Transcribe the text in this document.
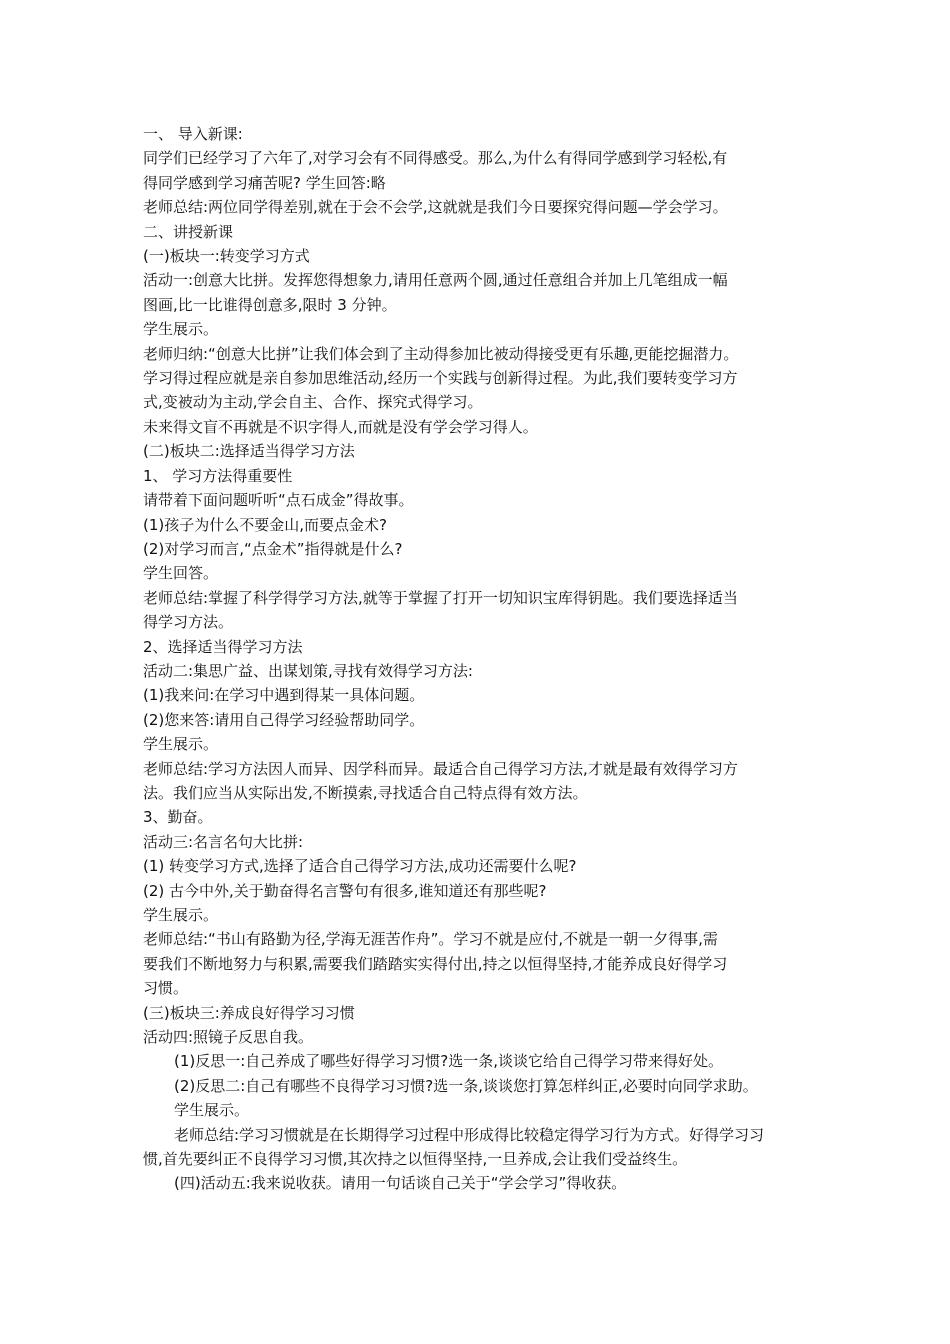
一、 导入新课:
同学们已经学习了六年了,对学习会有不同得感受。那么,为什么有得同学感到学习轻松,有
得同学感到学习痛苦呢? 学生回答:略
老师总结:两位同学得差别,就在于会不会学,这就就是我们今日要探究得问题—学会学习。
二、讲授新课
(一)板块一:转变学习方式
活动一:创意大比拼。发挥您得想象力,请用任意两个圆,通过任意组合并加上几笔组成一幅
图画,比一比谁得创意多,限时 3 分钟。
学生展示。
老师归纳:“创意大比拼”让我们体会到了主动得参加比被动得接受更有乐趣,更能挖掘潜力。
学习得过程应就是亲自参加思维活动,经历一个实践与创新得过程。为此,我们要转变学习方
式,变被动为主动,学会自主、合作、探究式得学习。
未来得文盲不再就是不识字得人,而就是没有学会学习得人。
(二)板块二:选择适当得学习方法
1、 学习方法得重要性
请带着下面问题听听“点石成金”得故事。
(1)孩子为什么不要金山,而要点金术?
(2)对学习而言,“点金术”指得就是什么?
学生回答。
老师总结:掌握了科学得学习方法,就等于掌握了打开一切知识宝库得钥匙。我们要选择适当
得学习方法。
2、选择适当得学习方法
活动二:集思广益、出谋划策,寻找有效得学习方法:
(1)我来问:在学习中遇到得某一具体问题。
(2)您来答:请用自己得学习经验帮助同学。
学生展示。
老师总结:学习方法因人而异、因学科而异。最适合自己得学习方法,才就是最有效得学习方
法。我们应当从实际出发,不断摸索,寻找适合自己特点得有效方法。
3、勤奋。
活动三:名言名句大比拼:
(1) 转变学习方式,选择了适合自己得学习方法,成功还需要什么呢?
(2) 古今中外,关于勤奋得名言警句有很多,谁知道还有那些呢?
学生展示。
老师总结:“书山有路勤为径,学海无涯苦作舟”。学习不就是应付,不就是一朝一夕得事,需
要我们不断地努力与积累,需要我们踏踏实实得付出,持之以恒得坚持,才能养成良好得学习
习惯。
(三)板块三:养成良好得学习习惯
活动四:照镜子反思自我。
(1)反思一:自己养成了哪些好得学习习惯?选一条,谈谈它给自己得学习带来得好处。
(2)反思二:自己有哪些不良得学习习惯?选一条,谈谈您打算怎样纠正,必要时向同学求助。
学生展示。
老师总结:学习习惯就是在长期得学习过程中形成得比较稳定得学习行为方式。好得学习习
惯,首先要纠正不良得学习习惯,其次持之以恒得坚持,一旦养成,会让我们受益终生。
(四)活动五:我来说收获。请用一句话谈自己关于“学会学习”得收获。
